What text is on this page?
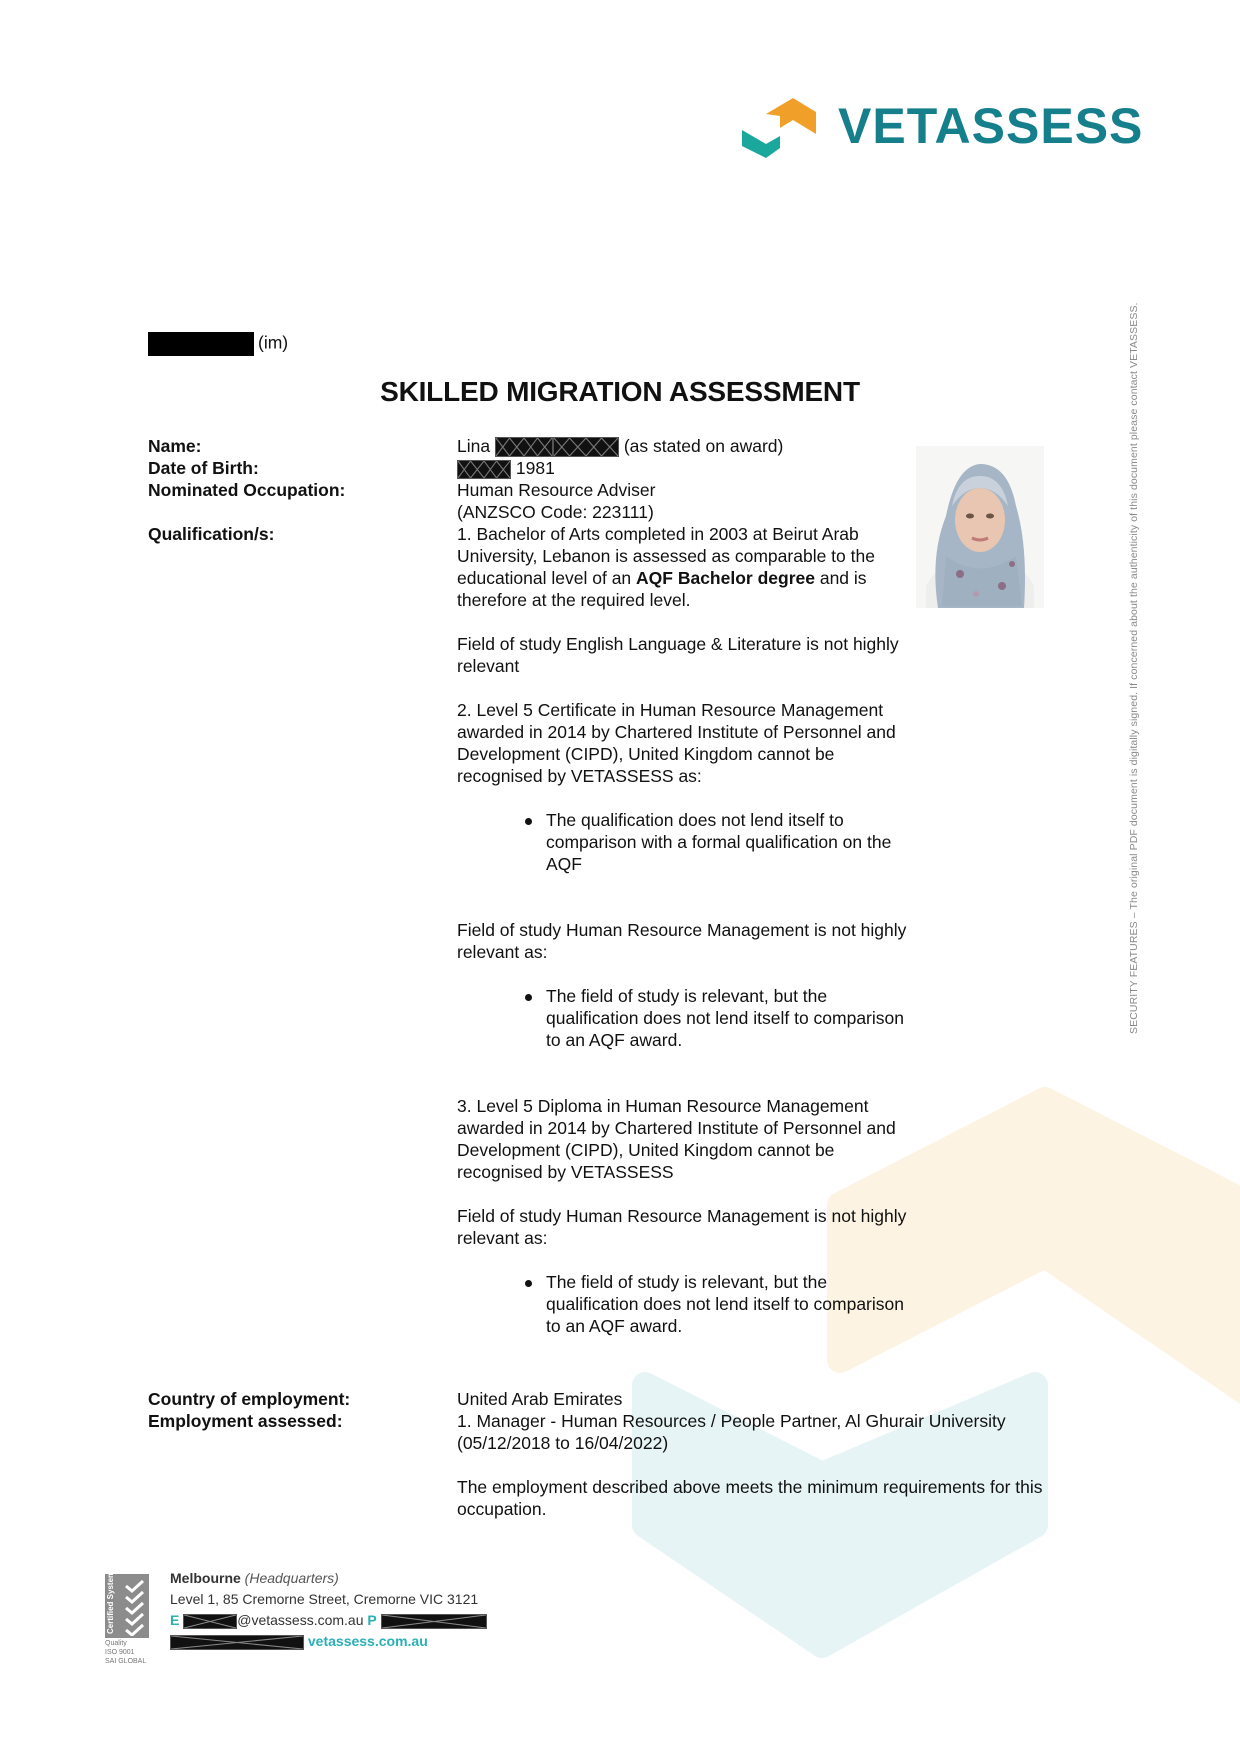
VETASSESS
SECURITY FEATURES – The original PDF document is digitally signed. If concerned about the authenticity of this document please contact VETASSESS.
(im)
SKILLED MIGRATION ASSESSMENT
Name:
Date of Birth:
Nominated Occupation:
Qualification/s:
Lina	(as stated on award)
1981

Human Resource Adviser

(ANZSCO Code: 223111)

1. Bachelor of Arts completed in 2003 at Beirut Arab University, Lebanon is assessed as comparable to the educational level of an AQF Bachelor degree and is therefore at the required level.

Field of study English Language & Literature is not highly relevant

2. Level 5 Certificate in Human Resource Management awarded in 2014 by Chartered Institute of Personnel and Development (CIPD), United Kingdom cannot be recognised by VETASSESS as:

The qualification does not lend itself to comparison with a formal qualification on the AQF

Field of study Human Resource Management is not highly relevant as:

The field of study is relevant, but the qualification does not lend itself to comparison to an AQF award.

3. Level 5 Diploma in Human Resource Management awarded in 2014 by Chartered Institute of Personnel and Development (CIPD), United Kingdom cannot be recognised by VETASSESS

Field of study Human Resource Management is not highly relevant as:

The field of study is relevant, but the qualification does not lend itself to comparison to an AQF award.
Country of employment:
Employment assessed:

United Arab Emirates

1. Manager - Human Resources / People Partner, Al Ghurair University

(05/12/2018 to 16/04/2022)

The employment described above meets the minimum requirements for this occupation.

Certified System
Quality
ISO 9001
SAI GLOBAL
Melbourne (Headquarters)
Level 1, 85 Cremorne Street, Cremorne VIC 3121
E	@vetassess.com.au P
vetassess.com.au
